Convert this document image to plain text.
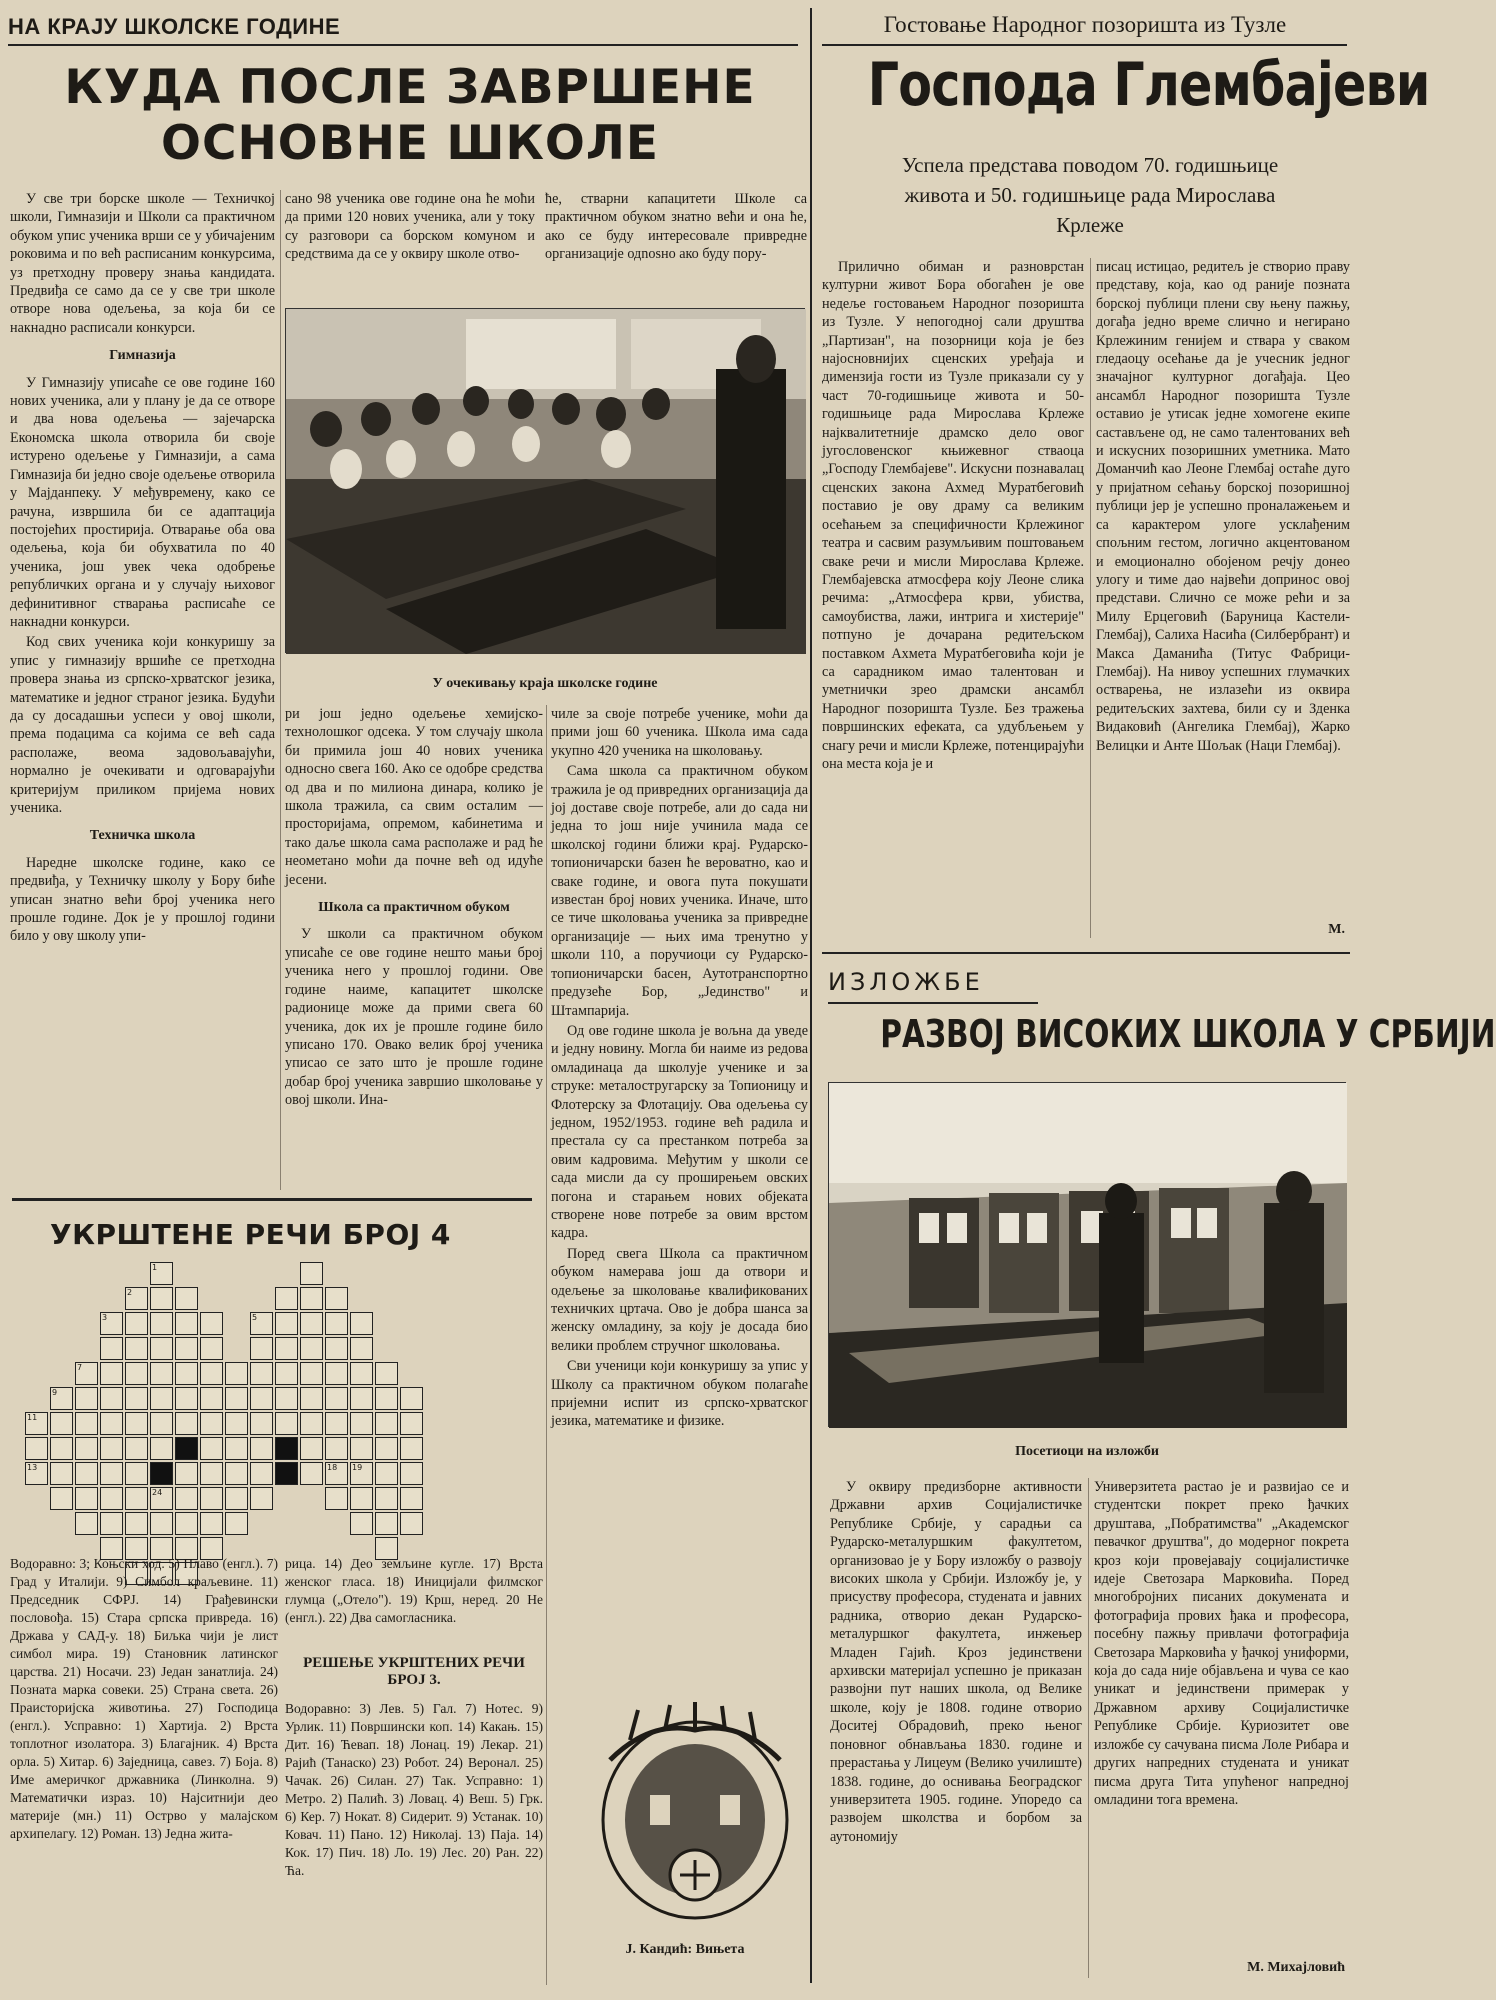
НА КРАЈУ ШКОЛСКЕ ГОДИНЕ
КУДА ПОСЛЕ ЗАВРШЕНЕ
ОСНОВНЕ ШКОЛЕ

У све три борске школе — Техничкој школи, Гимназији и Школи са практичном обуком упис ученика врши се у убичајеним роковима и по већ расписаним конкурсима, уз претходну проверу знања кандидата. Предвиђа се само да се у све три школе отворе нова одељења, за која би се накнадно расписали конкурси.

Гимназија

У Гимназију уписаће се ове године 160 нових ученика, али у плану је да се отворе и два нова одељења — зајечарска Економска школа отворила би своје истурено одељење у Гимназији, а сама Гимназија би једно своје одељење отворила у Мајданпеку. У међувремену, како се рачуна, извршила би се адаптација постојећих простирија. Отварање оба ова одељења, која би обухватила по 40 ученика, још увек чека одобрење републичких органа и у случају њиховог дефинитивног стварања расписаће се накнадни конкурси.

Код свих ученика који конкуришу за упис у гимназију вршиће се претходна провера знања из српско-хрватског језика, математике и једног страног језика. Будући да су досадашњи успеси у овој школи, према подацима са којима се већ сада располаже, веома задовољавајући, нормално је очекивати и одговарајући критеријум приликом пријема нових ученика.

Техничка школа

Наредне школске године, како се предвиђа, у Техничку школу у Бору биће уписан знатно већи број ученика него прошле године. Док је у прошлој години било у ову школу упи-

сано 98 ученика ове године она ће моћи да прими 120 нових ученика, али у току су разговори са борском комуном и средствима да се у оквиру школе отво-

ће, стварни капацитети Школе са практичном обуком знатно већи и она ће, ако се буду интересовале привредне организације одnosно ако буду пору-

У очекивању краја школске године

ри још једно одељење хемијско-технолошког одсека. У том случају школа би примила још 40 нових ученика односно свега 160. Ако се одобре средства од два и по милиона динара, колико је школа тражила, са свим осталим — просторијама, опремом, кабинетима и тако даље школа сама располаже и рад ће неометано моћи да почне већ од идуће јесени.

Школа са практичном обуком

У школи са практичном обуком уписаће се ове године нешто мањи број ученика него у прошлој години. Ове године наиме, капацитет школске радионице може да прими свега 60 ученика, док их је прошле године било уписано 170. Овако велик број ученика уписао се зато што је прошле године добар број ученика завршио школовање у овој школи. Ина-

чиле за своје потребе ученике, моћи да прими још 60 ученика. Школа има сада укупно 420 ученика на школовању.

Сама школа са практичном обуком тражила је од привредних организација да јој доставе своје потребе, али до сада ни једна то још није учинила мада се школској години ближи крај. Рударско-топионичарски базен ће вероватно, као и сваке године, и овога пута покушати известан број нових ученика. Иначе, што се тиче школовања ученика за привредне организације — њих има тренутно у школи 110, а поручиоци су Рударско-топионичарски басен, Аутотранспортно предузеће Бор, „Јединство" и Штампарија.

Од ове године школа је вољна да уведе и једну новину. Могла би наиме из редова омладинаца да школује ученике и за струке: металостругарску за Топионицу и Флотерску за Флотацију. Ова одељења су једном, 1952/1953. године већ радила и престала су са престанком потреба за овим кадровима. Међутим у школи се сада мисли да су проширењем овских погона и старањем нових објеката створене нове потребе за овим врстом кадра.

Поред свега Школа са практичном обуком намерава још да отвори и одељење за школовање квалификованих техничких цртача. Ово је добра шанса за женску омладину, за коју је досада био велики проблем стручног школовања.

Сви ученици који конкуришу за упис у Школу са практичном обуком полагаће пријемни испит из српско-хрватског језика, математике и физике.

УКРШТЕНЕ РЕЧИ БРОЈ 4
1
2
3
7
9
11
13
24
5
18	19

Водоравно: 3; Коњски ход. 5) Плаво (енгл.). 7) Град у Италији. 9) Симбол краљевине. 11) Председник СФРЈ. 14) Грађевински пословођа. 15) Стара српска привреда. 16) Држава у САД-у. 18) Биљка чији је лист симбол мира. 19) Становник латинског царства. 21) Носачи. 23) Један занатлија. 24) Позната марка совеки. 25) Страна света. 26) Праисторијска животиња. 27) Господица (енгл.). Усправно: 1) Хартија. 2) Врста топлотног изолатора. 3) Благајник. 4) Врста орла. 5) Хитар. 6) Заједница, савез. 7) Боја. 8) Име америчког државника (Линколна. 9) Математички израз. 10) Најситнији део материје (мн.) 11) Острво у малајском архипелагу. 12) Роман. 13) Једна жита-

рица. 14) Део земљине кугле. 17) Врста женског гласа. 18) Иницијали филмског глумца („Отело"). 19) Крш, неред. 20 Не (енгл.). 22) Два самогласника.

РЕШЕЊЕ УКРШТЕНИХ РЕЧИ БРОЈ 3.

Водоравно: 3) Лев. 5) Гал. 7) Нотес. 9) Урлик. 11) Површински коп. 14) Какањ. 15) Дит. 16) Ћевап. 18) Лонац. 19) Лекар. 21) Рајић (Танаско) 23) Робот. 24) Веронал. 25) Чачак. 26) Силан. 27) Так. Усправно: 1) Метро. 2) Палић. 3) Ловац. 4) Веш. 5) Грк. 6) Кер. 7) Нокат. 8) Сидерит. 9) Устанак. 10) Ковач. 11) Пано. 12) Николај. 13) Паја. 14) Кок. 17) Пич. 18) Ло. 19) Лес. 20) Ран. 22) Ћа.

J. Кандић: Вињета
Гостовање Народног позоришта из Тузле
Господа Глембајеви
Успела представа поводом 70. годишњице живота и 50. годишњице рада Мирослава Крлеже

Прилично обиман и разноврстан културни живот Бора обогаћен је ове недеље гостовањем Народног позоришта из Тузле. У непогодној сали друштва „Партизан", на позорници која је без најосновнијих сценских уређаја и димензија гости из Тузле приказали су у част 70-годишњице живота и 50-годишњице рада Мирослава Крлеже најквалитетније драмско дело овог југословенског књижевног стваоца „Господу Глембајеве". Искусни познавалац сценских закона Ахмед Муратбеговић поставио је ову драму са великим осећањем за специфичности Крлежиног театра и сасвим разумљивим поштовањем сваке речи и мисли Мирослава Крлеже. Глембајевска атмосфера коју Леоне слика речима: „Атмосфера крви, убиства, самоубиства, лажи, интрига и хистерије" потпуно је дочарана редитељском поставком Ахмета Муратбеговића који је са сарадником имао талентован и уметнички зрео драмски ансамбл Народног позоришта Тузле. Без тражења површинских ефеката, са удубљењем у снагу речи и мисли Крлеже, потенцирајући она места која је и

писац истицао, редитељ је створио праву представу, која, као од раније позната борској публици плени сву њену пажњу, догађа једно време слично и негирано Крлежиним генијем и ствара у сваком гледаоцу осећање да је учесник једног значајног културног догађаја. Цео ансамбл Народног позоришта Тузле оставио је утисак једне хомогене екипе састављене од, не само талентованих већ и искусних позоришних уметника. Мато Доманчић као Леоне Глембај остаће дуго у пријатном сећању борској позоришној публици јер је успешно проналажењем и са карактером улоге усклађеним спољним гестом, логично акцентованом и емоционално обојеном речју донео улогу и тиме дао највећи допринос овој представи. Слично се може рећи и за Милу Ерцеговић (Баруница Кастели-Глембај), Салиха Насића (Силбербрант) и Макса Даманића (Титус Фабрици-Глембај). На нивоу успешних глумачких остварења, не излазећи из оквира редитељских захтева, били су и Зденка Видаковић (Ангелика Глембај), Жарко Велицки и Анте Шољак (Наци Глембај).

М.
ИЗЛОЖБЕ
РАЗВОЈ ВИСОКИХ ШКОЛА У СРБИЈИ
Посетиоци на изложби

У оквиру предизборне активности Државни архив Социјалистичке Републике Србије, у сарадњи са Рударско-металуршким факултетом, организовао је у Бору изложбу о развоју високих школа у Србији. Изложбу је, у присуству професора, студената и јавних радника, отворио декан Рударско-металуршког факултета, инжењер Младен Гајић. Кроз јединствени архивски материјал успешно је приказан развојни пут наших школа, од Велике школе, коју је 1808. године отворио Доситеј Обрадовић, преко њеног поновног обнављања 1830. године и прерастања у Лицеум (Велико училиште) 1838. године, до оснивања Београдског универзитета 1905. године. Упоредо са развојем школства и борбом за аутономију

Универзитета растао је и развијао се и студентски покрет преко ђачких друштава, „Побратимства" „Академског певачког друштва", до модерног покрета кроз који провејавају социјалистичке идеје Светозара Марковића. Поред многобројних писаних докумената и фотографија прових ђака и професора, посебну пажњу привлачи фотографија Светозара Марковића у ђачкој униформи, која до сада није објављена и чува се као уникат и јединствени примерак у Државном архиву Социјалистичке Републике Србије. Куриозитет ове изложбе су сачувана писма Лоле Рибара и других напредних студената и уникат писма друга Тита упућеног напредној омладини тога времена.

М. Михајловић
